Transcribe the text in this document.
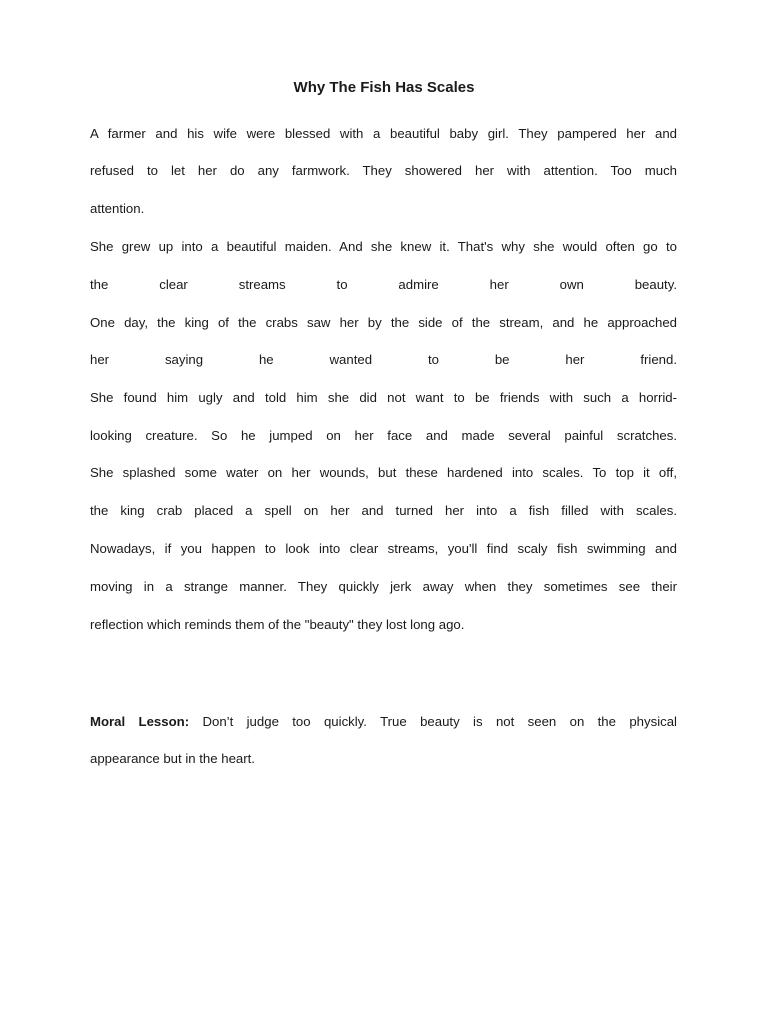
Why The Fish Has Scales

A farmer and his wife were blessed with a beautiful baby girl. They pampered her and

refused to let her do any farmwork. They showered her with attention. Too much

attention.

She grew up into a beautiful maiden. And she knew it. That's why she would often go to

the clear streams to admire her own beauty.

One day, the king of the crabs saw her by the side of the stream, and he approached

her saying he wanted to be her friend.

She found him ugly and told him she did not want to be friends with such a horrid-

looking creature. So he jumped on her face and made several painful scratches.

She splashed some water on her wounds, but these hardened into scales. To top it off,

the king crab placed a spell on her and turned her into a fish filled with scales.

Nowadays, if you happen to look into clear streams, you'll find scaly fish swimming and

moving in a strange manner. They quickly jerk away when they sometimes see their

reflection which reminds them of the "beauty" they lost long ago.

Moral Lesson: Don’t judge too quickly. True beauty is not seen on the physical

appearance but in the heart.
